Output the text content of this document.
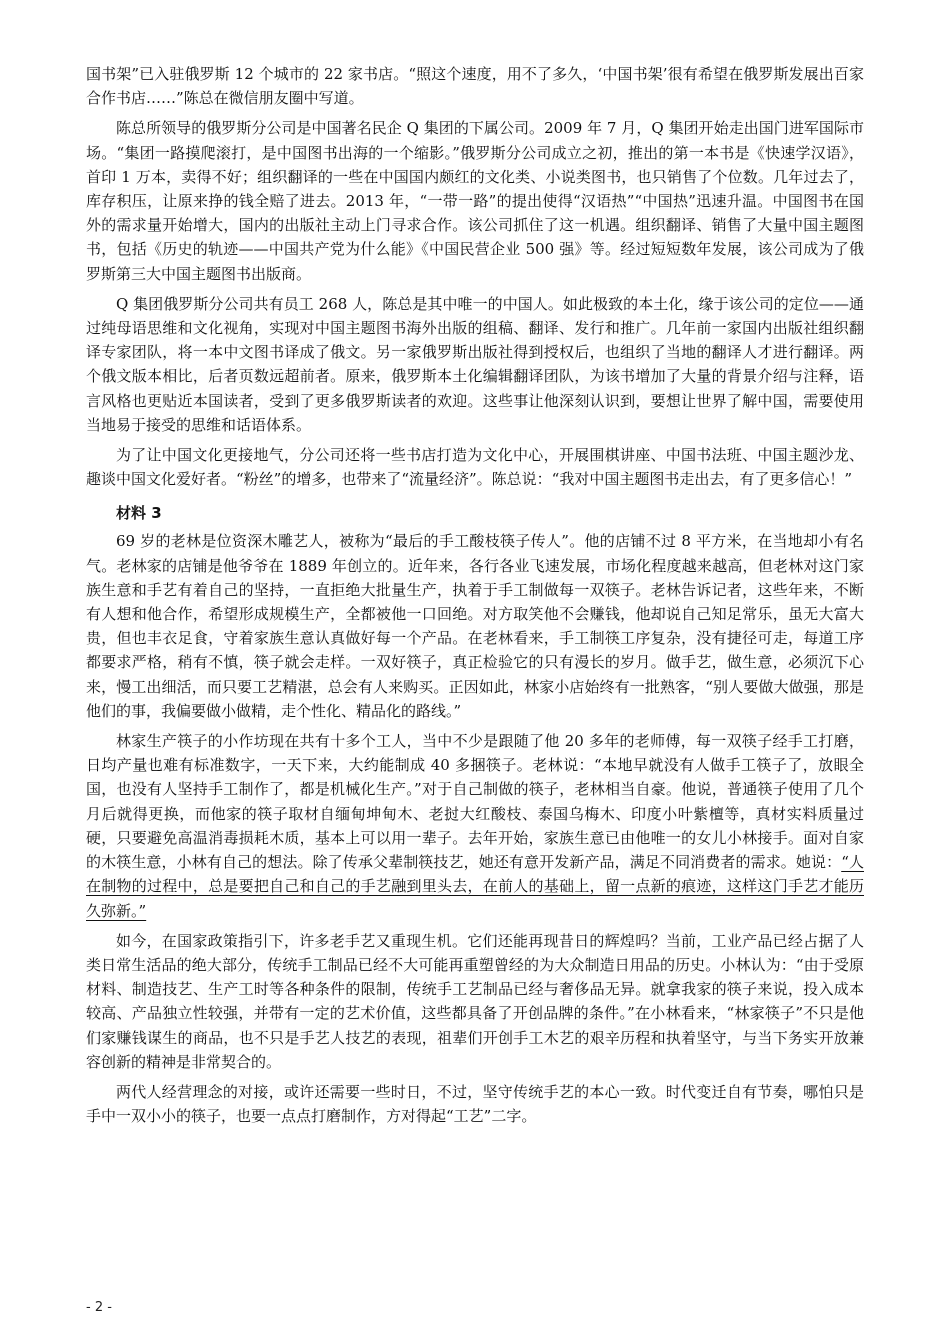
国书架”已入驻俄罗斯 12 个城市的 22 家书店。“照这个速度，用不了多久，‘中国书架’很有希望在俄罗斯发展出百家合作书店……”陈总在微信朋友圈中写道。

陈总所领导的俄罗斯分公司是中国著名民企 Q 集团的下属公司。2009 年 7 月，Q 集团开始走出国门进军国际市场。“集团一路摸爬滚打，是中国图书出海的一个缩影。”俄罗斯分公司成立之初，推出的第一本书是《快速学汉语》，首印 1 万本，卖得不好；组织翻译的一些在中国国内颇红的文化类、小说类图书，也只销售了个位数。几年过去了，库存积压，让原来挣的钱全赔了进去。2013 年，“一带一路”的提出使得“汉语热”“中国热”迅速升温。中国图书在国外的需求量开始增大，国内的出版社主动上门寻求合作。该公司抓住了这一机遇。组织翻译、销售了大量中国主题图书，包括《历史的轨迹——中国共产党为什么能》《中国民营企业 500 强》等。经过短短数年发展，该公司成为了俄罗斯第三大中国主题图书出版商。

Q 集团俄罗斯分公司共有员工 268 人，陈总是其中唯一的中国人。如此极致的本土化，缘于该公司的定位——通过纯母语思维和文化视角，实现对中国主题图书海外出版的组稿、翻译、发行和推广。几年前一家国内出版社组织翻译专家团队，将一本中文图书译成了俄文。另一家俄罗斯出版社得到授权后，也组织了当地的翻译人才进行翻译。两个俄文版本相比，后者页数远超前者。原来，俄罗斯本土化编辑翻译团队，为该书增加了大量的背景介绍与注释，语言风格也更贴近本国读者，受到了更多俄罗斯读者的欢迎。这些事让他深刻认识到，要想让世界了解中国，需要使用当地易于接受的思维和话语体系。

为了让中国文化更接地气，分公司还将一些书店打造为文化中心，开展围棋讲座、中国书法班、中国主题沙龙、趣谈中国文化爱好者。“粉丝”的增多，也带来了“流量经济”。陈总说：“我对中国主题图书走出去，有了更多信心！”

材料 3

69 岁的老林是位资深木雕艺人，被称为“最后的手工酸枝筷子传人”。他的店铺不过 8 平方米，在当地却小有名气。老林家的店铺是他爷爷在 1889 年创立的。近年来，各行各业飞速发展，市场化程度越来越高，但老林对这门家族生意和手艺有着自己的坚持，一直拒绝大批量生产，执着于手工制做每一双筷子。老林告诉记者，这些年来，不断有人想和他合作，希望形成规模生产，全都被他一口回绝。对方取笑他不会赚钱，他却说自己知足常乐，虽无大富大贵，但也丰衣足食，守着家族生意认真做好每一个产品。在老林看来，手工制筷工序复杂，没有捷径可走，每道工序都要求严格，稍有不慎，筷子就会走样。一双好筷子，真正检验它的只有漫长的岁月。做手艺，做生意，必须沉下心来，慢工出细活，而只要工艺精湛，总会有人来购买。正因如此，林家小店始终有一批熟客，“别人要做大做强，那是他们的事，我偏要做小做精，走个性化、精品化的路线。”

林家生产筷子的小作坊现在共有十多个工人，当中不少是跟随了他 20 多年的老师傅，每一双筷子经手工打磨，日均产量也难有标准数字，一天下来，大约能制成 40 多捆筷子。老林说：“本地早就没有人做手工筷子了，放眼全国，也没有人坚持手工制作了，都是机械化生产。”对于自己制做的筷子，老林相当自豪。他说，普通筷子使用了几个月后就得更换，而他家的筷子取材自缅甸坤甸木、老挝大红酸枝、泰国乌梅木、印度小叶紫檀等，真材实料质量过硬，只要避免高温消毒损耗木质，基本上可以用一辈子。去年开始，家族生意已由他唯一的女儿小林接手。面对自家的木筷生意，小林有自己的想法。除了传承父辈制筷技艺，她还有意开发新产品，满足不同消费者的需求。她说：“人在制物的过程中，总是要把自己和自己的手艺融到里头去，在前人的基础上，留一点新的痕迹，这样这门手艺才能历久弥新。”

如今，在国家政策指引下，许多老手艺又重现生机。它们还能再现昔日的辉煌吗？当前，工业产品已经占据了人类日常生活品的绝大部分，传统手工制品已经不大可能再重塑曾经的为大众制造日用品的历史。小林认为：“由于受原材料、制造技艺、生产工时等各种条件的限制，传统手工艺制品已经与奢侈品无异。就拿我家的筷子来说，投入成本较高、产品独立性较强，并带有一定的艺术价值，这些都具备了开创品牌的条件。”在小林看来，“林家筷子”不只是他们家赚钱谋生的商品，也不只是手艺人技艺的表现，祖辈们开创手工木艺的艰辛历程和执着坚守，与当下务实开放兼容创新的精神是非常契合的。

两代人经营理念的对接，或许还需要一些时日，不过，坚守传统手艺的本心一致。时代变迁自有节奏，哪怕只是手中一双小小的筷子，也要一点点打磨制作，方对得起“工艺”二字。

- 2 -
